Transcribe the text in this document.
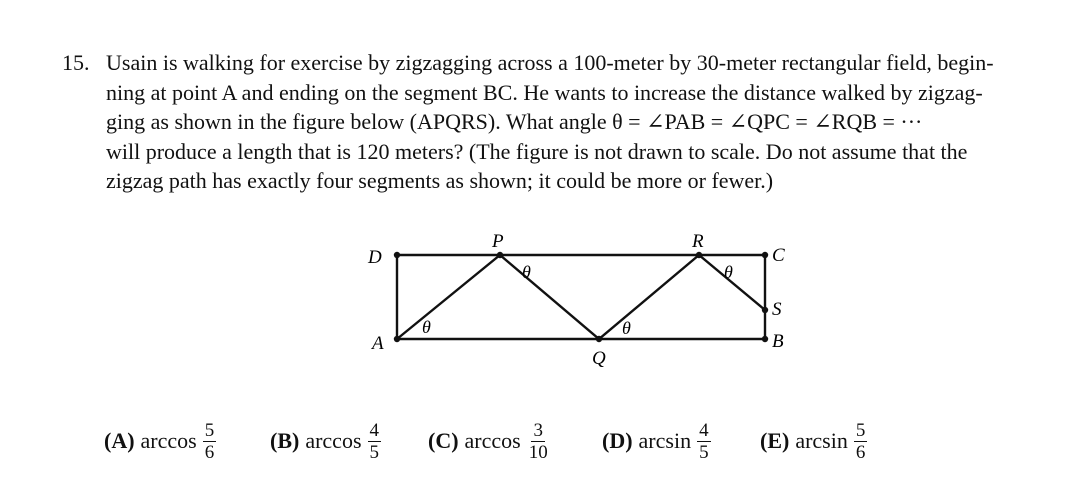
15. Usain is walking for exercise by zigzagging across a 100-meter by 30-meter rectangular field, begin-
ning at point A and ending on the segment BC. He wants to increase the distance walked by zigzag-
ging as shown in the figure below (APQRS). What angle θ = ∠PAB = ∠QPC = ∠RQB = ···
will produce a length that is 120 meters? (The figure is not drawn to scale. Do not assume that the
zigzag path has exactly four segments as shown; it could be more or fewer.)
D
P	R
C
S
A
Q
B
θ
θ
θ
θ
(A) $\arccos \frac{5}{6} (B)$ $\arccos \frac{4}{5} (C)$ $\arccos \frac{3}{10} (D)$ $\arcsin \frac{4}{5} (E)$ $\arcsin \frac{5}{6}$
